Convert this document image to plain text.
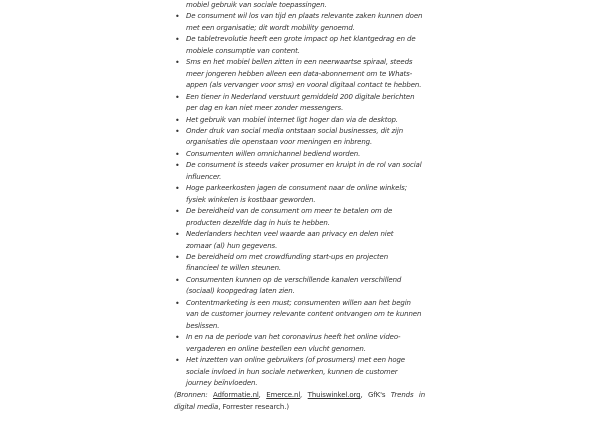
mobiel gebruik van sociale toepassingen.
• De consument wil los van tijd en plaats relevante zaken kunnen doen
met een organisatie; dit wordt mobility genoemd.
• De tabletrevolutie heeft een grote impact op het klantgedrag en de
mobiele consumptie van content.
• Sms en het mobiel bellen zitten in een neerwaartse spiraal, steeds
meer jongeren hebben alleen een data-abonnement om te Whats-
appen (als vervanger voor sms) en vooral digitaal contact te hebben.
• Een tiener in Nederland verstuurt gemiddeld 200 digitale berichten
per dag en kan niet meer zonder messengers.
• Het gebruik van mobiel internet ligt hoger dan via de desktop.
• Onder druk van social media ontstaan social businesses, dit zijn
organisaties die openstaan voor meningen en inbreng.
• Consumenten willen omnichannel bediend worden.
• De consument is steeds vaker prosumer en kruipt in de rol van social
influencer.
• Hoge parkeerkosten jagen de consument naar de online winkels;
fysiek winkelen is kostbaar geworden.
• De bereidheid van de consument om meer te betalen om de
producten dezelfde dag in huis te hebben.
• Nederlanders hechten veel waarde aan privacy en delen niet
zomaar (al) hun gegevens.
• De bereidheid om met crowdfunding start-ups en projecten
financieel te willen steunen.
• Consumenten kunnen op de verschillende kanalen verschillend
(sociaal) koopgedrag laten zien.
• Contentmarketing is een must; consumenten willen aan het begin
van de customer journey relevante content ontvangen om te kunnen
beslissen.
• In en na de periode van het coronavirus heeft het online video-
vergaderen en online bestellen een vlucht genomen.
• Het inzetten van online gebruikers (of prosumers) met een hoge
sociale invloed in hun sociale netwerken, kunnen de customer
journey beïnvloeden.
(Bronnen: Adformatie.nl, Emerce.nl, Thuiswinkel.org, GfK's Trends in digital media, Forrester research.)
